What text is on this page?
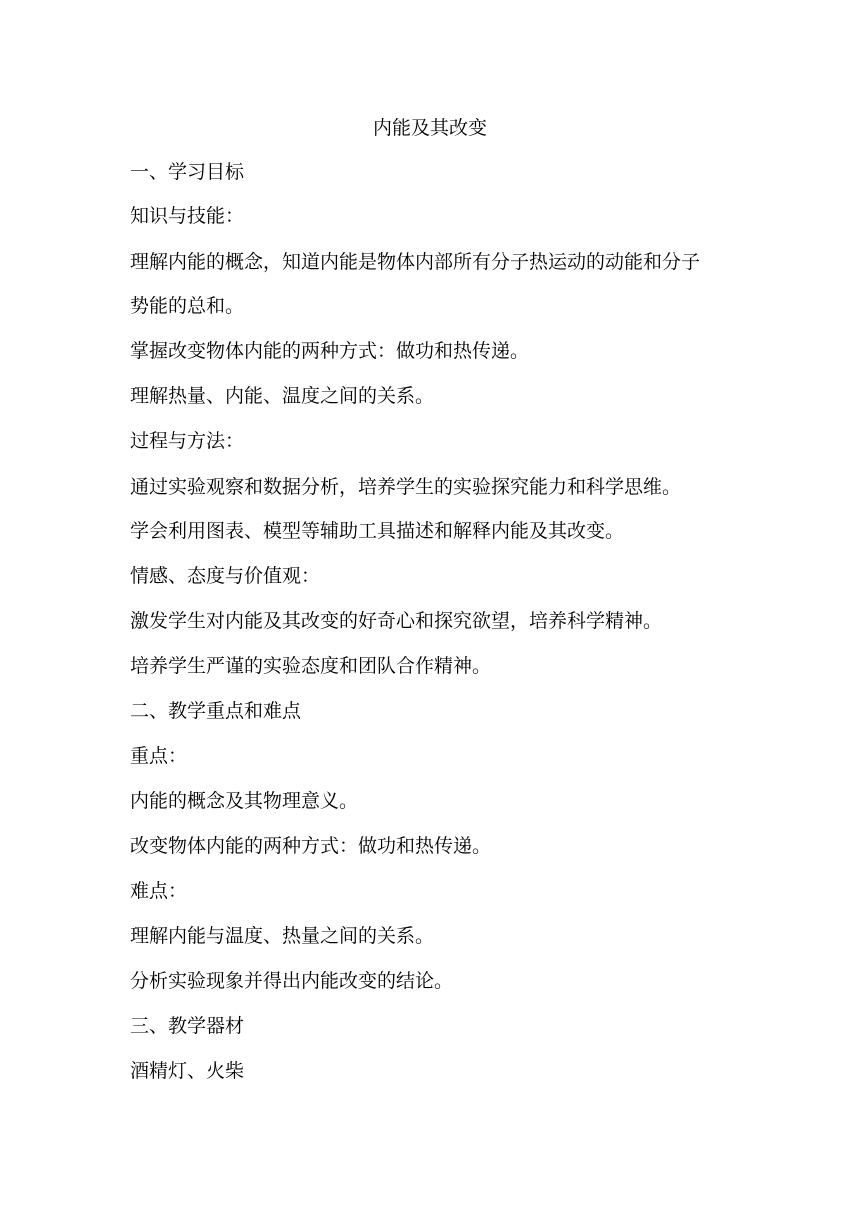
内能及其改变
一、学习目标
知识与技能：
理解内能的概念，知道内能是物体内部所有分子热运动的动能和分子
势能的总和。
掌握改变物体内能的两种方式：做功和热传递。
理解热量、内能、温度之间的关系。
过程与方法：
通过实验观察和数据分析，培养学生的实验探究能力和科学思维。
学会利用图表、模型等辅助工具描述和解释内能及其改变。
情感、态度与价值观：
激发学生对内能及其改变的好奇心和探究欲望，培养科学精神。
培养学生严谨的实验态度和团队合作精神。
二、教学重点和难点
重点：
内能的概念及其物理意义。
改变物体内能的两种方式：做功和热传递。
难点：
理解内能与温度、热量之间的关系。
分析实验现象并得出内能改变的结论。
三、教学器材
酒精灯、火柴
